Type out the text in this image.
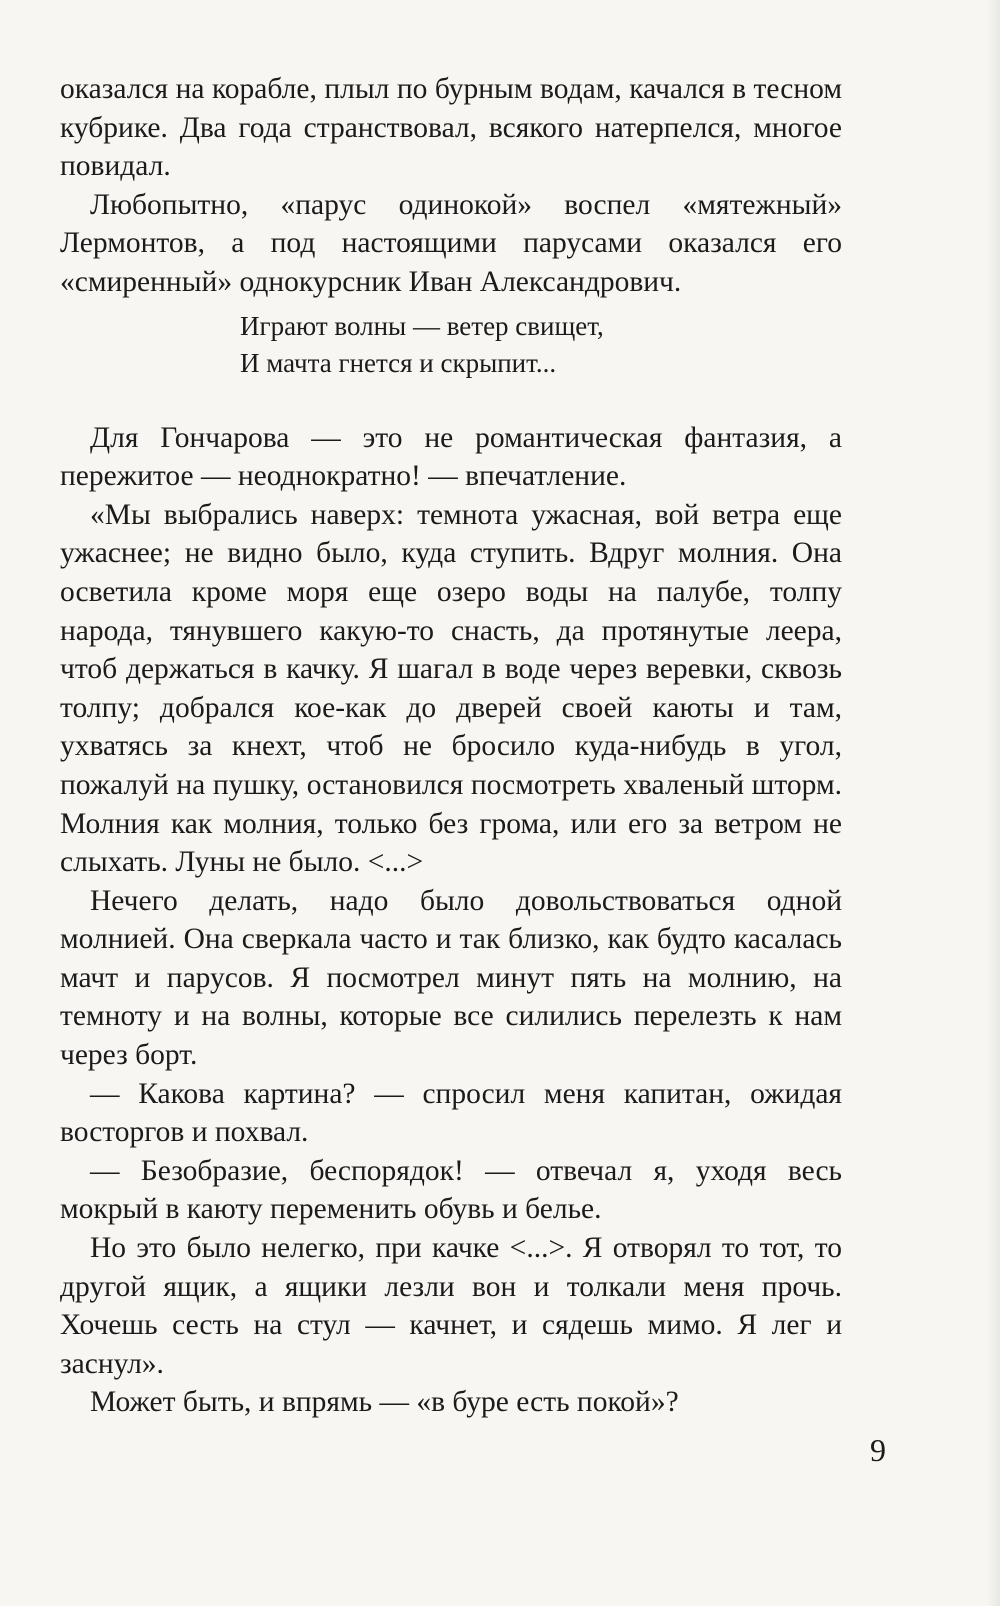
оказался на корабле, плыл по бурным водам, качался в тесном кубрике. Два года странствовал, всякого натерпелся, многое повидал.

Любопытно, «парус одинокой» воспел «мятежный» Лермонтов, а под настоящими парусами оказался его «смиренный» однокурсник Иван Александрович.

Играют волны — ветер свищет,
И мачта гнется и скрыпит...

Для Гончарова — это не романтическая фантазия, а пережитое — неоднократно! — впечатление.

«Мы выбрались наверх: темнота ужасная, вой ветра еще ужаснее; не видно было, куда ступить. Вдруг молния. Она осветила кроме моря еще озеро воды на палубе, толпу народа, тянувшего какую-то снасть, да протянутые леера, чтоб держаться в качку. Я шагал в воде через веревки, сквозь толпу; добрался кое-как до дверей своей каюты и там, ухватясь за кнехт, чтоб не бросило куда-нибудь в угол, пожалуй на пушку, остановился посмотреть хваленый шторм. Молния как молния, только без грома, или его за ветром не слыхать. Луны не было. <...>

Нечего делать, надо было довольствоваться одной молнией. Она сверкала часто и так близко, как будто касалась мачт и парусов. Я посмотрел минут пять на молнию, на темноту и на волны, которые все силились перелезть к нам через борт.

— Какова картина? — спросил меня капитан, ожидая восторгов и похвал.

— Безобразие, беспорядок! — отвечал я, уходя весь мокрый в каюту переменить обувь и белье.

Но это было нелегко, при качке <...>. Я отворял то тот, то другой ящик, а ящики лезли вон и толкали меня прочь. Хочешь сесть на стул — качнет, и сядешь мимо. Я лег и заснул».

Может быть, и впрямь — «в буре есть покой»?

9
